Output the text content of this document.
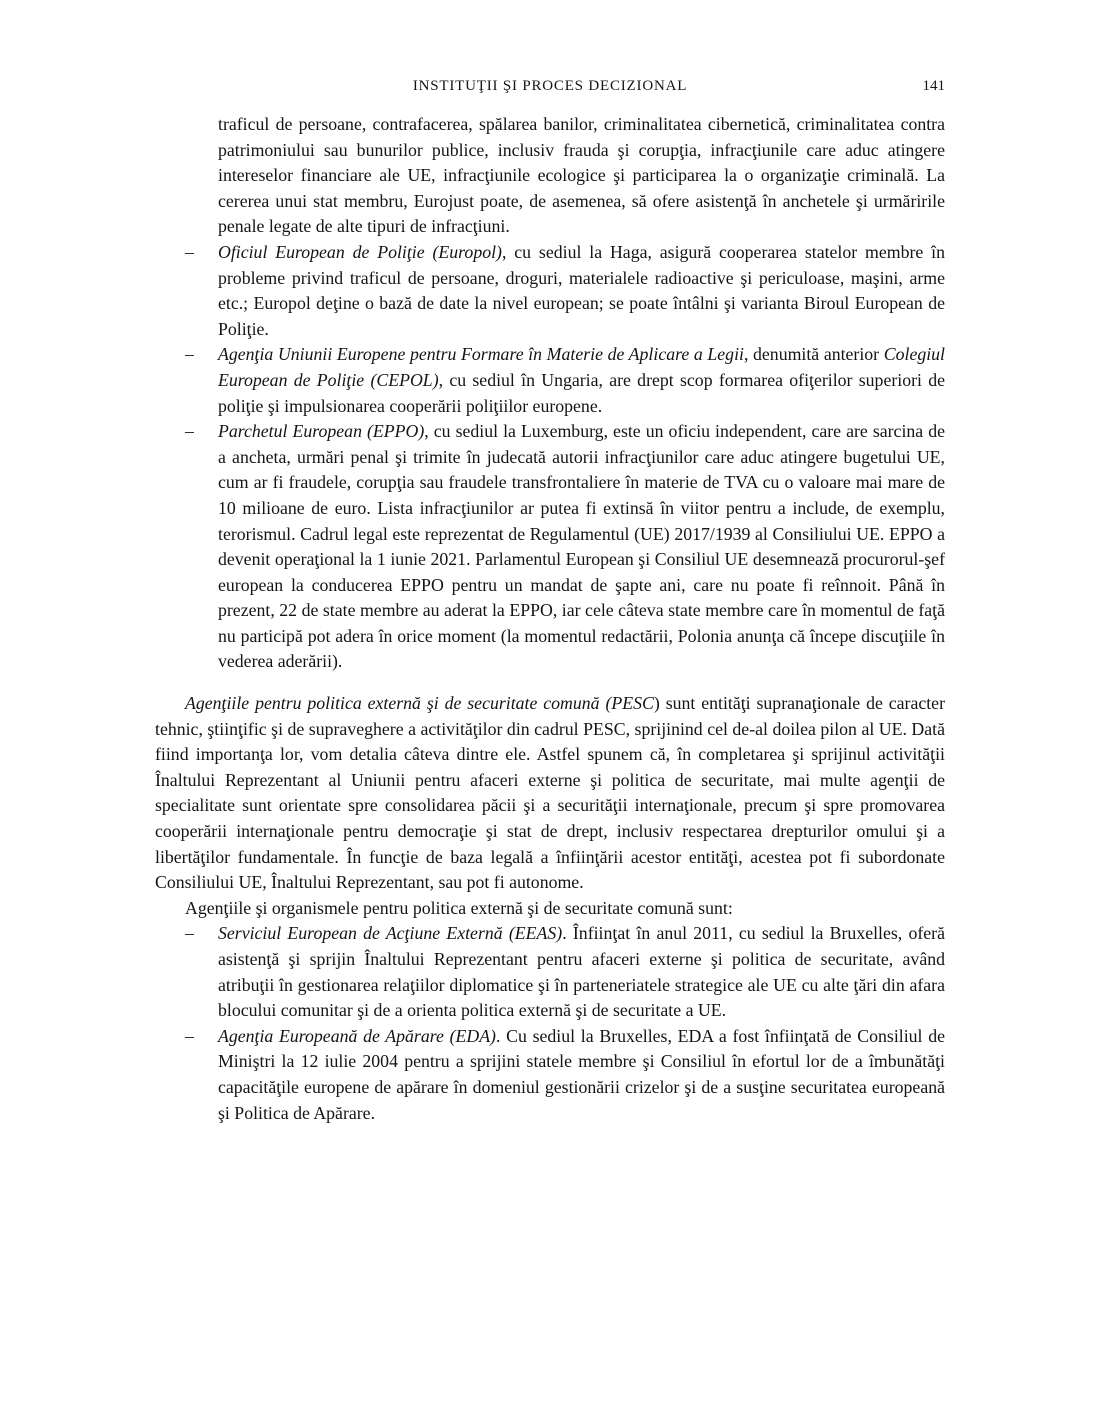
INSTITUŢII ŞI PROCES DECIZIONAL	141

traficul de persoane, contrafacerea, spălarea banilor, criminalitatea cibernetică, criminalitatea contra patrimoniului sau bunurilor publice, inclusiv frauda şi corupţia, infracţiunile care aduc atingere intereselor financiare ale UE, infracţiunile ecologice şi participarea la o organizaţie criminală. La cererea unui stat membru, Eurojust poate, de asemenea, să ofere asistenţă în anchetele şi urmăririle penale legate de alte tipuri de infracţiuni.

– Oficiul European de Poliţie (Europol), cu sediul la Haga, asigură cooperarea statelor membre în probleme privind traficul de persoane, droguri, materialele radioactive şi periculoase, maşini, arme etc.; Europol deţine o bază de date la nivel european; se poate întâlni şi varianta Biroul European de Poliţie.
– Agenţia Uniunii Europene pentru Formare în Materie de Aplicare a Legii, denumită anterior Colegiul European de Poliţie (CEPOL), cu sediul în Ungaria, are drept scop formarea ofiţerilor superiori de poliţie şi impulsionarea cooperării poliţiilor europene.
– Parchetul European (EPPO), cu sediul la Luxemburg, este un oficiu independent, care are sarcina de a ancheta, urmări penal şi trimite în judecată autorii infracţiunilor care aduc atingere bugetului UE, cum ar fi fraudele, corupţia sau fraudele transfrontaliere în materie de TVA cu o valoare mai mare de 10 milioane de euro. Lista infracţiunilor ar putea fi extinsă în viitor pentru a include, de exemplu, terorismul. Cadrul legal este reprezentat de Regulamentul (UE) 2017/1939 al Consiliului UE. EPPO a devenit operaţional la 1 iunie 2021. Parlamentul European şi Consiliul UE desemnează procurorul-şef european la conducerea EPPO pentru un mandat de şapte ani, care nu poate fi reînnoit. Până în prezent, 22 de state membre au aderat la EPPO, iar cele câteva state membre care în momentul de faţă nu participă pot adera în orice moment (la momentul redactării, Polonia anunţa că începe discuţiile în vederea aderării).

Agenţiile pentru politica externă şi de securitate comună (PESC) sunt entităţi supranaţionale de caracter tehnic, ştiinţific şi de supraveghere a activităţilor din cadrul PESC, sprijinind cel de-al doilea pilon al UE. Dată fiind importanţa lor, vom detalia câteva dintre ele. Astfel spunem că, în completarea şi sprijinul activităţii Înaltului Reprezentant al Uniunii pentru afaceri externe şi politica de securitate, mai multe agenţii de specialitate sunt orientate spre consolidarea păcii şi a securităţii internaţionale, precum şi spre promovarea cooperării internaţionale pentru democraţie şi stat de drept, inclusiv respectarea drepturilor omului şi a libertăţilor fundamentale. În funcţie de baza legală a înfiinţării acestor entităţi, acestea pot fi subordonate Consiliului UE, Înaltului Reprezentant, sau pot fi autonome.

Agenţiile şi organismele pentru politica externă şi de securitate comună sunt:

– Serviciul European de Acţiune Externă (EEAS). Înfiinţat în anul 2011, cu sediul la Bruxelles, oferă asistenţă şi sprijin Înaltului Reprezentant pentru afaceri externe şi politica de securitate, având atribuţii în gestionarea relaţiilor diplomatice şi în parteneriatele strategice ale UE cu alte ţări din afara blocului comunitar şi de a orienta politica externă şi de securitate a UE.
– Agenţia Europeană de Apărare (EDA). Cu sediul la Bruxelles, EDA a fost înfiinţată de Consiliul de Miniştri la 12 iulie 2004 pentru a sprijini statele membre şi Consiliul în efortul lor de a îmbunătăţi capacităţile europene de apărare în domeniul gestionării crizelor şi de a susţine securitatea europeană şi Politica de Apărare.
